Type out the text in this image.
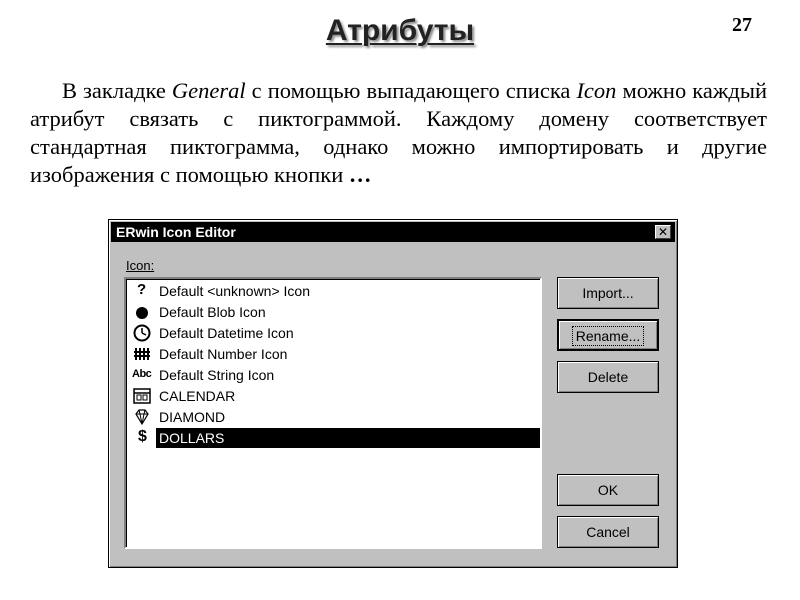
Атрибуты	27

В закладке General с помощью выпадающего списка Icon можно каждый атрибут связать с пиктограммой. Каждому домену соответствует стандартная пиктограмма, однако можно импортировать и другие изображения с помощью кнопки …

ERwin Icon Editor	✕
Icon:
? Default <unknown> Icon
Default Blob Icon
Default Datetime Icon
Default Number Icon
Abc Default String Icon
CALENDAR
DIAMOND
$ DOLLARS
Import...
Rename...
Delete
OK
Cancel
